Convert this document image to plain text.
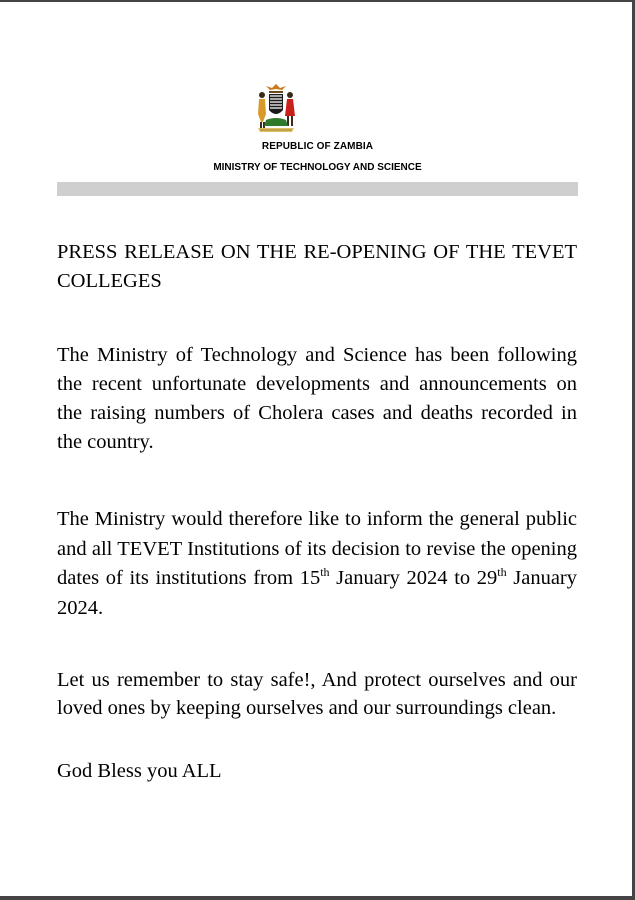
REPUBLIC OF ZAMBIA
MINISTRY OF TECHNOLOGY AND SCIENCE

PRESS RELEASE ON THE RE-OPENING OF THE TEVET COLLEGES

The Ministry of Technology and Science has been following the recent unfortunate developments and announcements on the raising numbers of Cholera cases and deaths recorded in the country.

The Ministry would therefore like to inform the general public and all TEVET Institutions of its decision to revise the opening dates of its institutions from 15th January 2024 to 29th January 2024.

Let us remember to stay safe!, And protect ourselves and our loved ones by keeping ourselves and our surroundings clean.

God Bless you ALL
